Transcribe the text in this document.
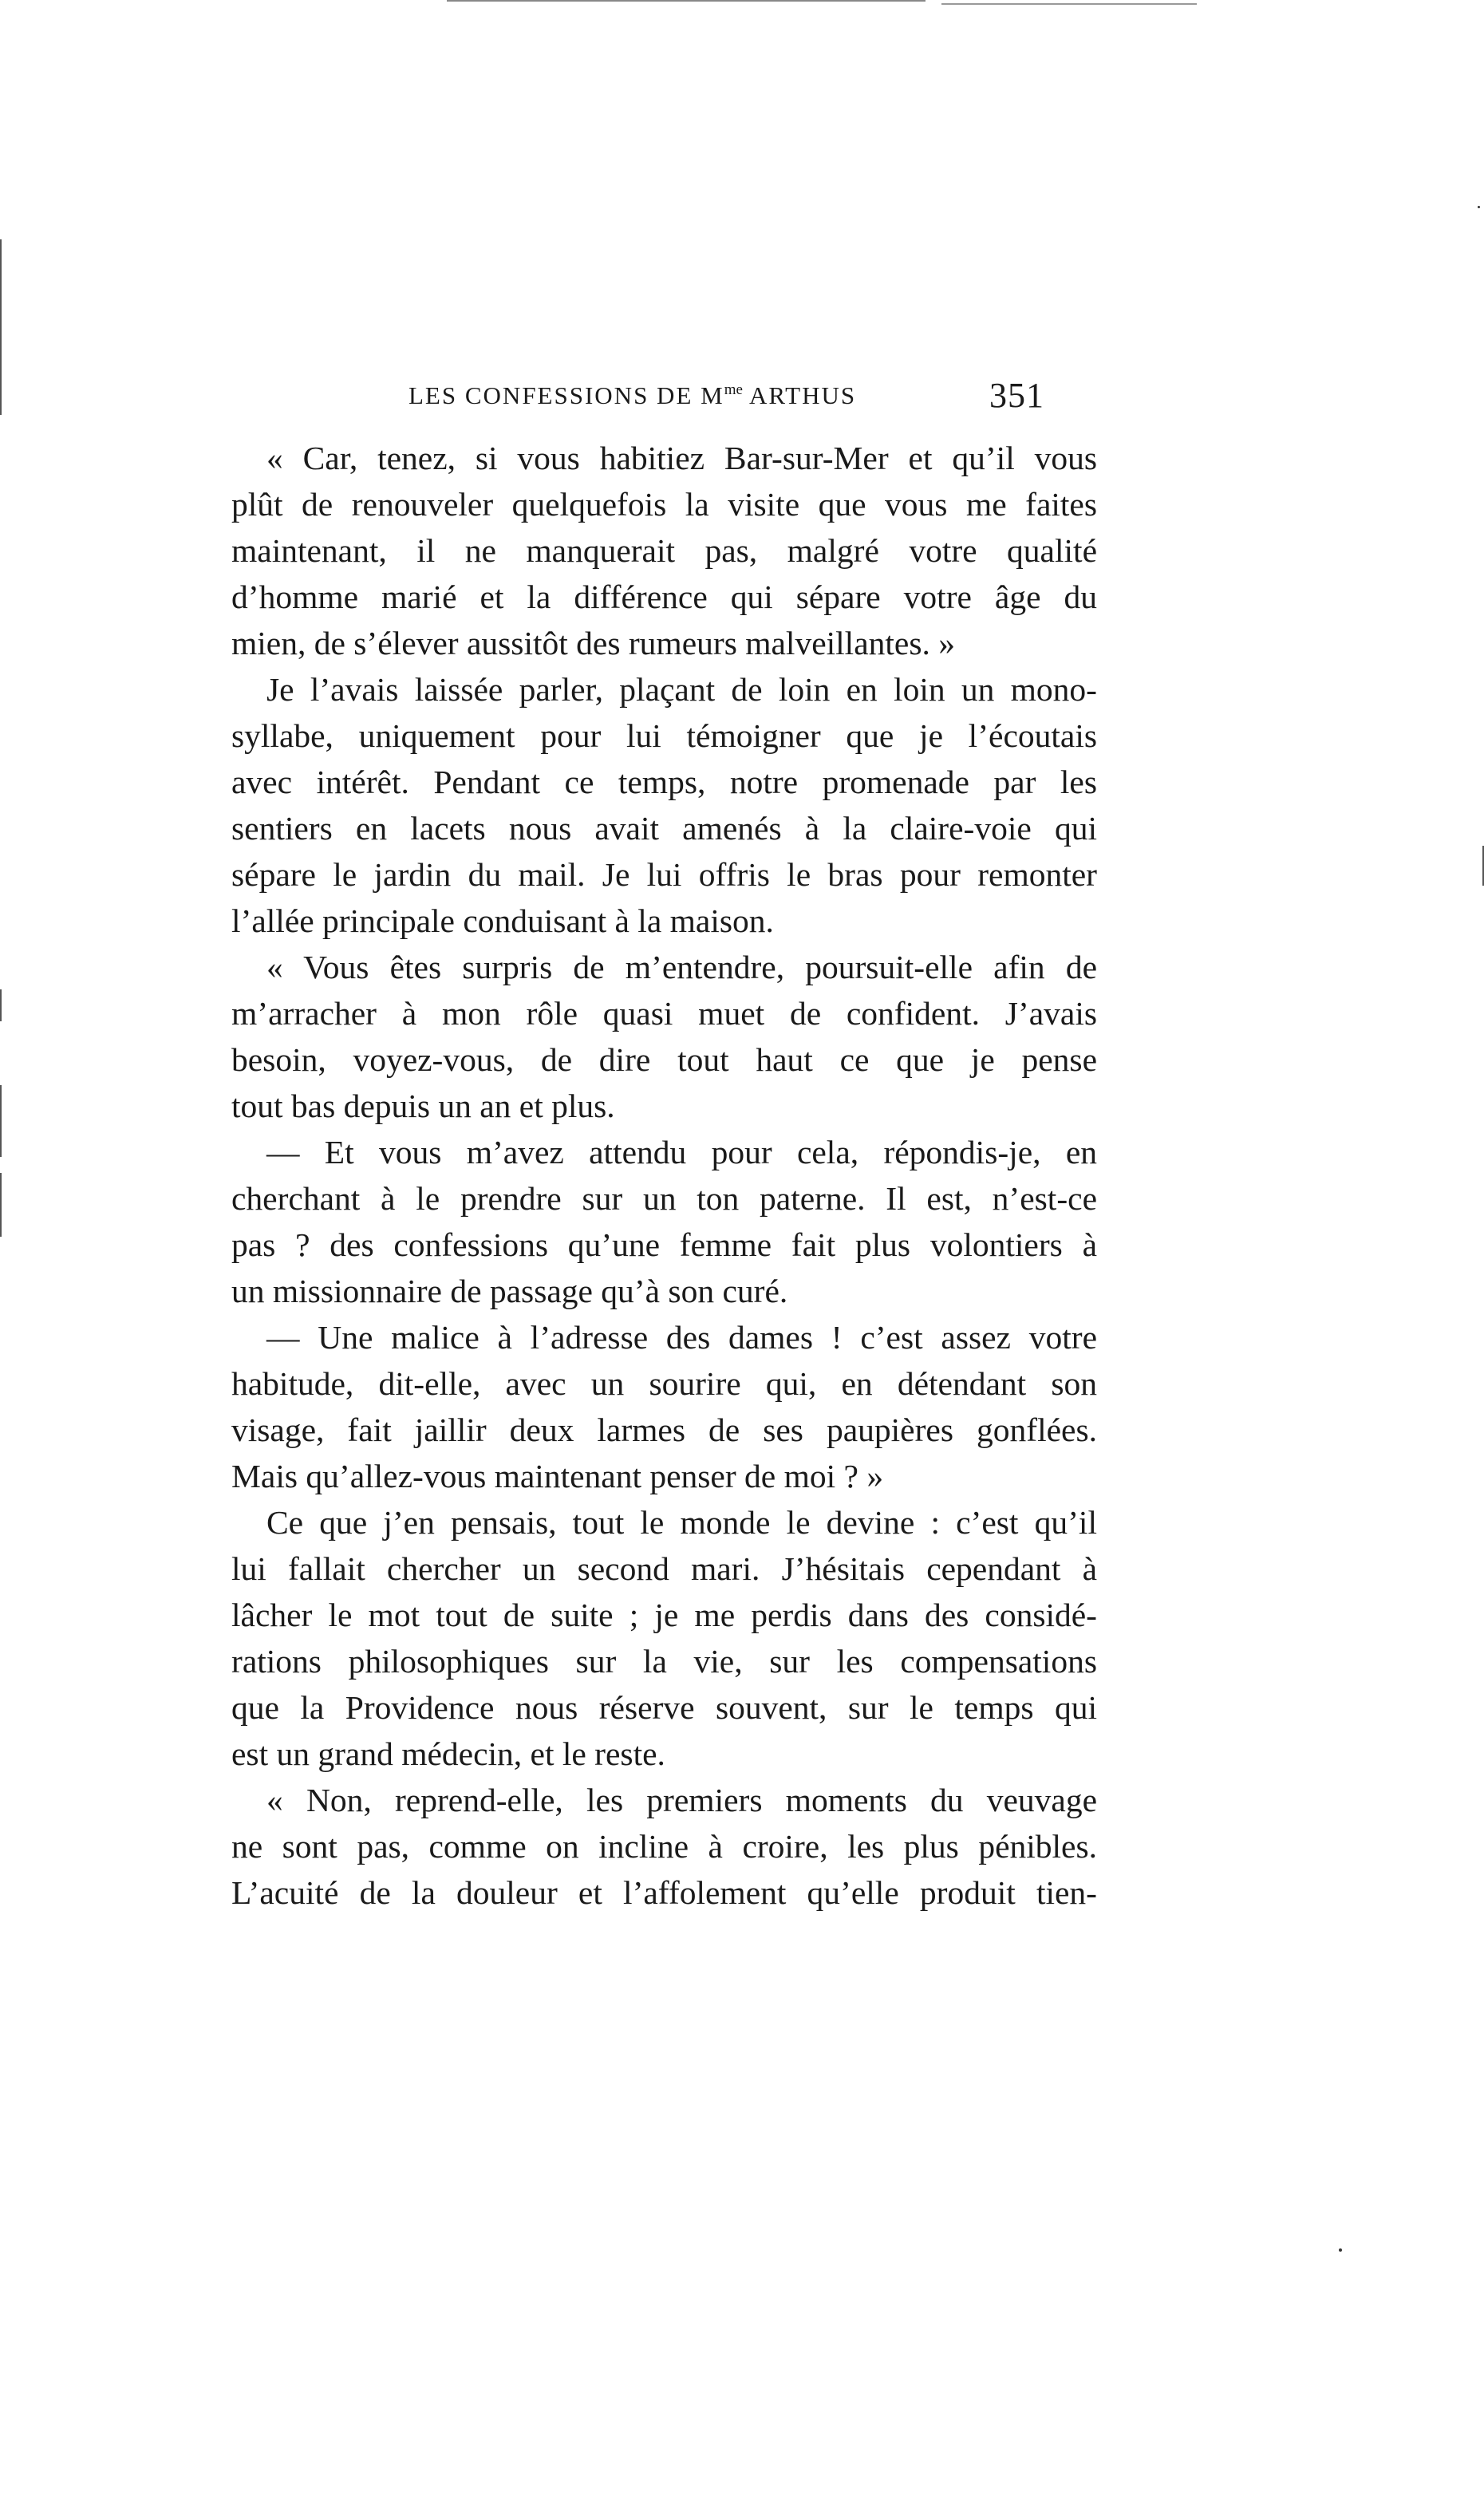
LES CONFESSIONS DE $M^{me}$ ARTHUS	351
« Car, tenez, si vous habitiez Bar-sur-Mer et qu’il vous
plût de renouveler quelquefois la visite que vous me faites
maintenant, il ne manquerait pas, malgré votre qualité
d’homme marié et la différence qui sépare votre âge du
mien, de s’élever aussitôt des rumeurs malveillantes. »
Je l’avais laissée parler, plaçant de loin en loin un mono-
syllabe, uniquement pour lui témoigner que je l’écoutais
avec intérêt. Pendant ce temps, notre promenade par les
sentiers en lacets nous avait amenés à la claire-voie qui
sépare le jardin du mail. Je lui offris le bras pour remonter
l’allée principale conduisant à la maison.
« Vous êtes surpris de m’entendre, poursuit-elle afin de
m’arracher à mon rôle quasi muet de confident. J’avais
besoin, voyez-vous, de dire tout haut ce que je pense
tout bas depuis un an et plus.
— Et vous m’avez attendu pour cela, répondis-je, en
cherchant à le prendre sur un ton paterne. Il est, n’est-ce
pas ? des confessions qu’une femme fait plus volontiers à
un missionnaire de passage qu’à son curé.
— Une malice à l’adresse des dames ! c’est assez votre
habitude, dit-elle, avec un sourire qui, en détendant son
visage, fait jaillir deux larmes de ses paupières gonflées.
Mais qu’allez-vous maintenant penser de moi ? »
Ce que j’en pensais, tout le monde le devine : c’est qu’il
lui fallait chercher un second mari. J’hésitais cependant à
lâcher le mot tout de suite ; je me perdis dans des considé-
rations philosophiques sur la vie, sur les compensations
que la Providence nous réserve souvent, sur le temps qui
est un grand médecin, et le reste.
« Non, reprend-elle, les premiers moments du veuvage
ne sont pas, comme on incline à croire, les plus pénibles.
L’acuité de la douleur et l’affolement qu’elle produit tien-
